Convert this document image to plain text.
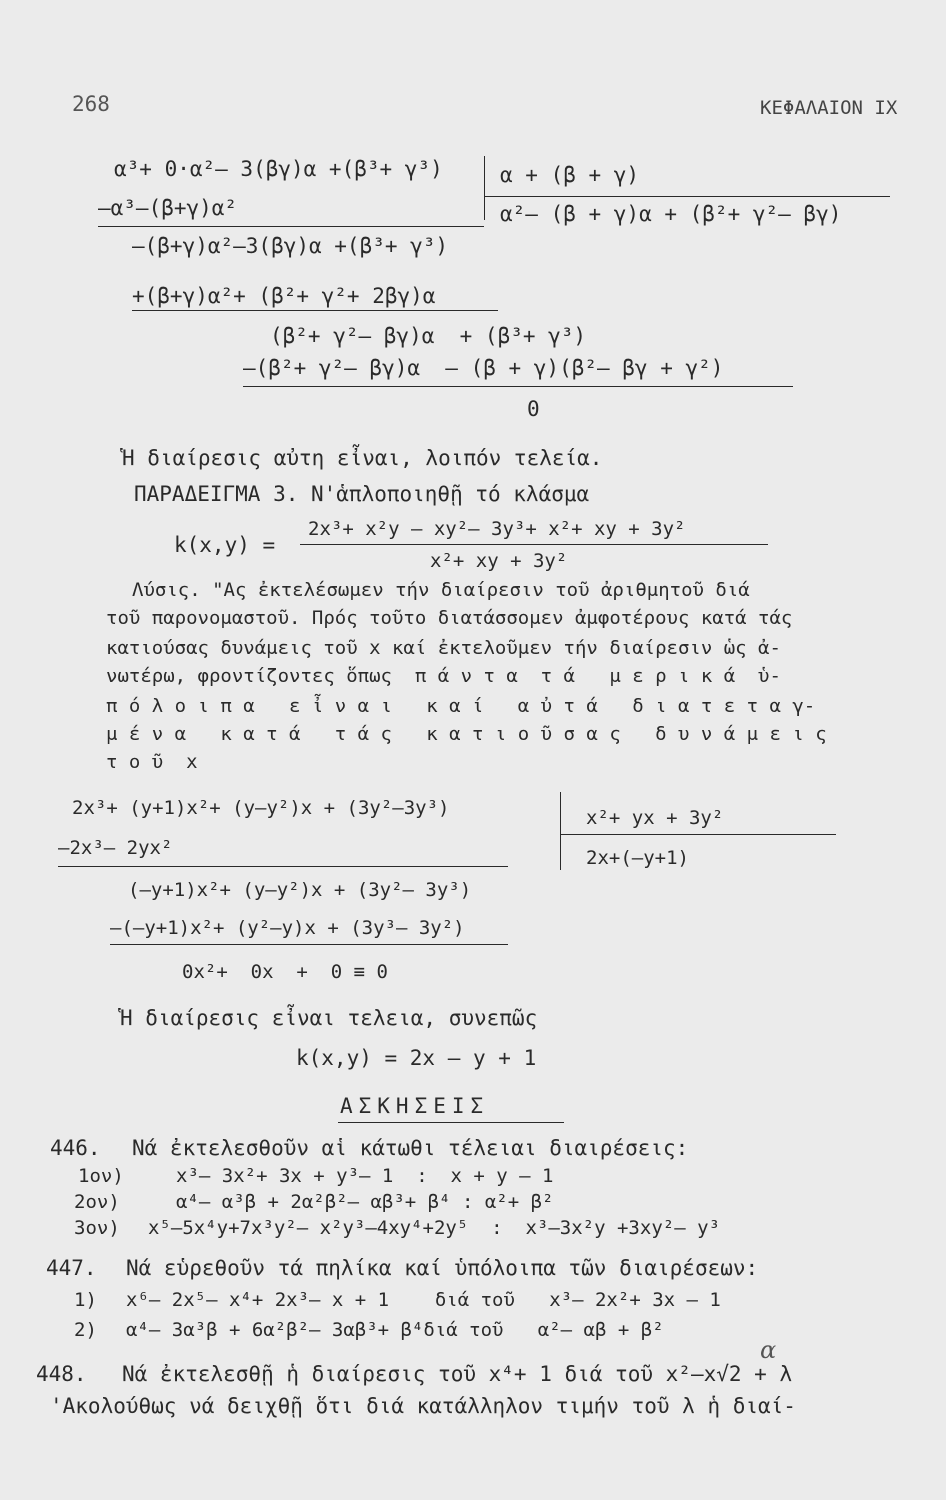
268	ΚΕΦΑΛΑΙΟΝ IX
α³+ 0·α²– 3(βγ)α +(β³+ γ³)	α + (β + γ)
α²– (β + γ)α + (β²+ γ²– βγ)
–α³–(β+γ)α²
–(β+γ)α²–3(βγ)α +(β³+ γ³)
+(β+γ)α²+ (β²+ γ²+ 2βγ)α
(β²+ γ²– βγ)α  + (β³+ γ³)
–(β²+ γ²– βγ)α  – (β + γ)(β²– βγ + γ²)
0
Ἡ διαίρεσις αὐτη εἶναι, λοιπόν τελεία.
ΠΑΡΑΔΕΙΓΜΑ 3. Ν'ἁπλοποιηθῇ τό κλάσμα
k(x,y) =
2x³+ x²y – xy²– 3y³+ x²+ xy + 3y²
x²+ xy + 3y²
Λύσις. "Ας ἐκτελέσωμεν τήν διαίρεσιν τοῦ ἀριθμητοῦ διά
τοῦ παρονομαστοῦ. Πρός τοῦτο διατάσσομεν ἀμφοτέρους κατά τάς
κατιούσας δυνάμεις τοῦ x καί ἐκτελοῦμεν τήν διαίρεσιν ὡς ἀ-
νωτέρω, φροντίζοντες ὅπως  π ά ν τ α  τ ά   μ ε ρ ι κ ά  ὑ-
π ό λ ο ι π α   ε ἶ ν α ι   κ α ί   α ὐ τ ά   δ ι α τ ε τ α γ-
μ έ ν α   κ α τ ά   τ ά ς   κ α τ ι ο ῦ σ α ς   δ υ ν ά μ ε ι ς
τ ο ῦ  x
2x³+ (y+1)x²+ (y–y²)x + (3y²–3y³)	x²+ yx + 3y²
2x+(–y+1)
–2x³– 2yx²
(–y+1)x²+ (y–y²)x + (3y²– 3y³)
–(–y+1)x²+ (y²–y)x + (3y³– 3y²)
0x²+  0x  +  0 ≡ 0
Ἡ διαίρεσις εἶναι τελεια, συνεπῶς
k(x,y) = 2x – y + 1
ΑΣΚΗΣΕΙΣ
446. Νά ἐκτελεσθοῦν αἱ κάτωθι τέλειαι διαιρέσεις:
1ον)	x³– 3x²+ 3x + y³– 1  :  x + y – 1
2ον)	α⁴– α³β + 2α²β²– αβ³+ β⁴ : α²+ β²
3ον) x⁵–5x⁴y+7x³y²– x²y³–4xy⁴+2y⁵  :  x³–3x²y +3xy²– y³
447. Νά εὑρεθοῦν τά πηλίκα καί ὑπόλοιπα τῶν διαιρέσεων:
1) x⁶– 2x⁵– x⁴+ 2x³– x + 1    διά τοῦ   x³– 2x²+ 3x – 1
2) α⁴– 3α³β + 6α²β²– 3αβ³+ β⁴διά τοῦ   α²– αβ + β²
448. Νά ἐκτελεσθῇ ἡ διαίρεσις τοῦ x⁴+ 1 διά τοῦ x²–x√2 + λ
'Ακολούθως νά δειχθῇ ὅτι διά κατάλληλον τιμήν τοῦ λ ἡ διαί-
α
